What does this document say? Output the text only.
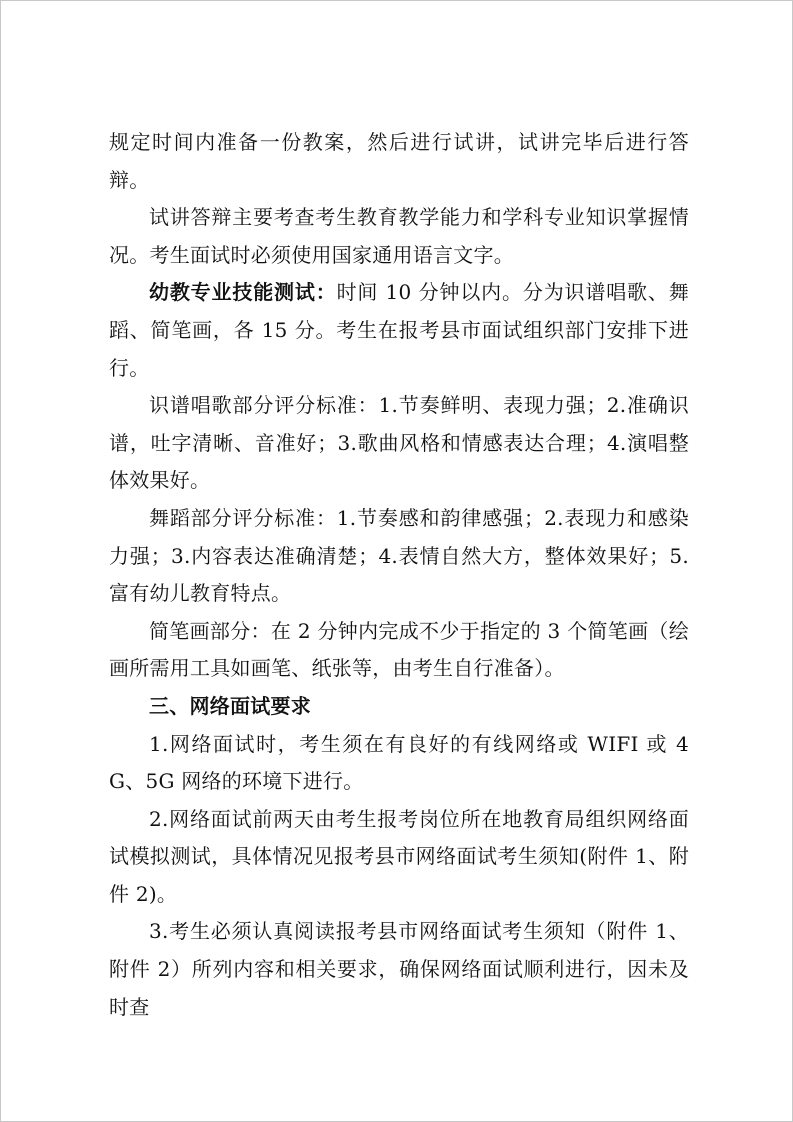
规定时间内准备一份教案，然后进行试讲，试讲完毕后进行答辩。

试讲答辩主要考查考生教育教学能力和学科专业知识掌握情况。考生面试时必须使用国家通用语言文字。

幼教专业技能测试：时间 10 分钟以内。分为识谱唱歌、舞蹈、简笔画，各 15 分。考生在报考县市面试组织部门安排下进行。

识谱唱歌部分评分标准：1.节奏鲜明、表现力强；2.准确识谱，吐字清晰、音准好；3.歌曲风格和情感表达合理；4.演唱整体效果好。

舞蹈部分评分标准：1.节奏感和韵律感强；2.表现力和感染力强；3.内容表达准确清楚；4.表情自然大方，整体效果好；5.富有幼儿教育特点。

简笔画部分：在 2 分钟内完成不少于指定的 3 个简笔画（绘画所需用工具如画笔、纸张等，由考生自行准备）。

三、网络面试要求

1.网络面试时，考生须在有良好的有线网络或 WIFI 或 4G、5G 网络的环境下进行。

2.网络面试前两天由考生报考岗位所在地教育局组织网络面试模拟测试，具体情况见报考县市网络面试考生须知(附件 1、附件 2)。

3.考生必须认真阅读报考县市网络面试考生须知（附件 1、附件 2）所列内容和相关要求，确保网络面试顺利进行，因未及时查
